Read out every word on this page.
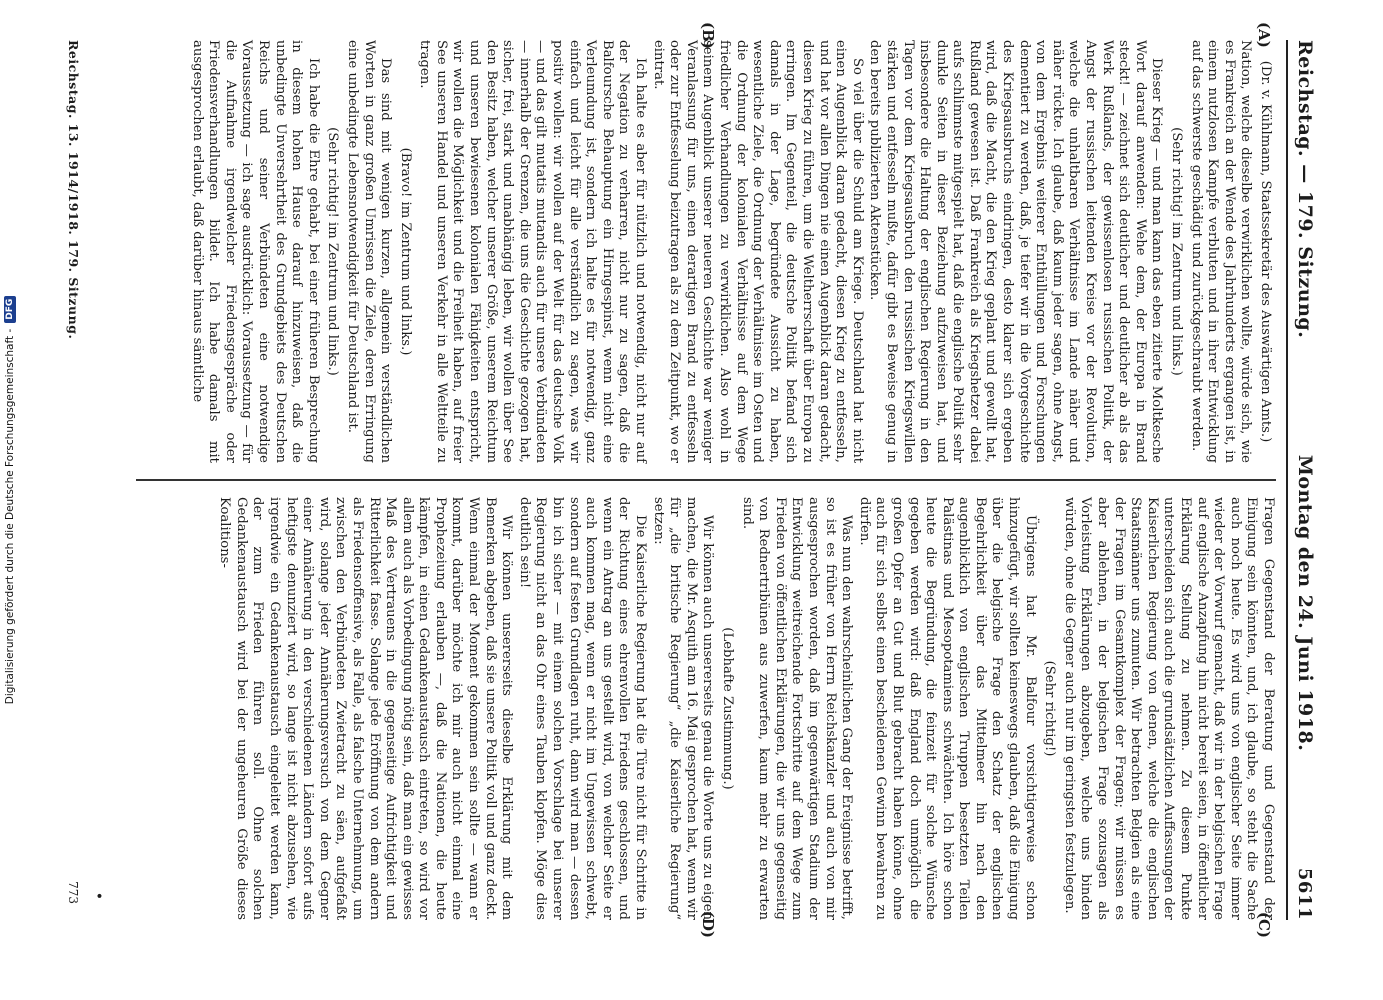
Reichstag. — 179. Sitzung.
Montag den 24. Juni 1918.
5611
(A)
(B)

(Dr. v. Kühlmann, Staatssekretär des Auswärtigen Amts.)

Nation, welche dieselbe verwirklichen wollte, würde sich, wie es Frankreich an der Wende des Jahrhunderts ergangen ist, in einem nutzlosen Kampfe verbluten und in ihrer Entwicklung auf das schwerste geschädigt und zurückgeschraubt werden.

(Sehr richtig! im Zentrum und links.)

Dieser Krieg — und man kann das eben zitierte Moltkesche Wort darauf anwenden: Wehe dem, der Europa in Brand steckt! — zeichnet sich deutlicher und deutlicher ab als das Werk Rußlands, der gewissenlosen russischen Politik, der Angst der russischen leitenden Kreise vor der Revolution, welche die unhaltbaren Verhältnisse im Lande näher und näher rückte. Ich glaube, daß kaum jeder sagen, ohne Angst, von dem Ergebnis weiterer Enthüllungen und Forschungen dementiert zu werden, daß, je tiefer wir in die Vorgeschichte des Kriegsausbruchs eindringen, desto klarer sich ergeben wird, daß die Macht, die den Krieg geplant und gewollt hat, Rußland gewesen ist. Daß Frankreich als Kriegshetzer dabei aufs schlimmste mitgespielt hat, daß die englische Politik sehr dunkle Seiten in dieser Beziehung aufzuweisen hat, und insbesondere die Haltung der englischen Regierung in den Tagen vor dem Kriegsausbruch den russischen Kriegswillen stärken und entfesseln mußte, dafür gibt es Beweise genug in den bereits publizierten Aktenstücken.

So viel über die Schuld am Kriege. Deutschland hat nicht einen Augenblick daran gedacht, diesen Krieg zu entfesseln, und hat vor allen Dingen nie einen Augenblick daran gedacht, diesen Krieg zu führen, um die Weltherrschaft über Europa zu erringen. Im Gegenteil, die deutsche Politik befand sich damals in der Lage, begründete Aussicht zu haben, wesentliche Ziele, die Ordnung der Verhältnisse im Osten und die Ordnung der kolonialen Verhältnisse auf dem Wege friedlicher Verhandlungen zu verwirklichen. Also wohl in seinem Augenblick unserer neueren Geschichte war weniger Veranlassung für uns, einen derartigen Brand zu entfesseln oder zur Entfesselung beizutragen als zu dem Zeitpunkt, wo er eintrat.

Ich halte es aber für nützlich und notwendig, nicht nur auf der Negation zu verharren, nicht nur zu sagen, daß die Balfoursche Behauptung ein Hirngespinst, wenn nicht eine Verleumdung ist, sondern ich halte es für notwendig, ganz einfach und leicht für alle verständlich zu sagen, was wir positiv wollen: wir wollen auf der Welt für das deutsche Volk — und das gilt mutatis mutandis auch für unsere Verbündeten — innerhalb der Grenzen, die uns die Geschichte gezogen hat, sicher, frei, stark und unabhängig leben, wir wollen über See den Besitz haben, welcher unserer Größe, unserem Reichtum und unseren bewiesenen kolonialen Fähigkeiten entspricht, wir wollen die Möglichkeit und die Freiheit haben, auf freier See unseren Handel und unseren Verkehr in alle Weltteile zu tragen.

(Bravo! im Zentrum und links.)

Das sind mit wenigen kurzen, allgemein verständlichen Worten in ganz großen Umrissen die Ziele, deren Erringung eine unbedingte Lebensnotwendigkeit für Deutschland ist.

(Sehr richtig! im Zentrum und links.)

Ich habe die Ehre gehabt, bei einer früheren Besprechung in diesem hohen Hause darauf hinzuweisen, daß die unbedingte Unversehrtheit des Grundgebiets des Deutschen Reichs und seiner Verbündeten eine notwendige Voraussetzung — ich sage ausdrücklich: Voraussetzung — für die Aufnahme irgendwelcher Friedensgespräche oder Friedensverhandlungen bildet. Ich habe damals mit ausgesprochen erlaubt, daß darüber hinaus sämtliche

(C)
(D)

Fragen Gegenstand der Beratung und Gegenstand der Einigung sein könnten, und, ich glaube, so steht die Sache auch noch heute. Es wird uns von englischer Seite immer wieder der Vorwurf gemacht, daß wir in der belgischen Frage auf englische Anzapfung hin nicht bereit seien, in öffentlicher Erklärung Stellung zu nehmen. Zu diesem Punkte unterscheiden sich auch die grundsätzlichen Auffassungen der Kaiserlichen Regierung von denen, welche die englischen Staatsmänner uns zumuten. Wir betrachten Belgien als eine der Fragen im Gesamtkomplex der Fragen; wir müssen es aber ablehnen, in der belgischen Frage sozusagen als Vorleistung Erklärungen abzugeben, welche uns binden würden, ohne die Gegner auch nur im geringsten festzulegen.

(Sehr richtig!)

Übrigens hat Mr. Balfour vorsichtigerweise schon hinzugefügt, wir sollten keineswegs glauben, daß die Einigung über die belgische Frage den Schatz der englischen Begehrlichkeit über das Mittelmeer hin nach den augenblicklich von englischen Truppen besetzten Teilen Palästinas und Mesopotamiens schwächten. Ich höre schon heute die Begründung, die feinzeit für solche Wünsche gegeben werden wird: daß England doch unmöglich die großen Opfer an Gut und Blut gebracht haben könne, ohne auch für sich selbst einen bescheidenen Gewinn bewahren zu dürfen.

Was nun den wahrscheinlichen Gang der Ereignisse betrifft, so ist es früher von Herrn Reichskanzler und auch von mir ausgesprochen worden, daß im gegenwärtigen Stadium der Entwicklung weitreichende Fortschritte auf dem Wege zum Frieden von öffentlichen Erklärungen, die wir uns gegenseitig von Rednertribünen aus zuwerfen, kaum mehr zu erwarten sind.

(Lebhafte Zustimmung.)

Wir können auch unsererseits genau die Worte uns zu eigen machen, die Mr. Asquith am 16. Mai gesprochen hat, wenn wir für „die britische Regierung“ „die Kaiserliche Regierung“ setzen:

Die Kaiserliche Regierung hat die Türe nicht für Schritte in der Richtung eines ehrenvollen Friedens geschlossen, und wenn ein Antrag an uns gestellt wird, von welcher Seite er auch kommen mag, wenn er nicht im Ungewissen schwebt, sondern auf festen Grundlagen ruht, dann wird man — dessen bin ich sicher — mit einem solchen Vorschlage bei unserer Regierung nicht an das Ohr eines Tauben klopfen. Möge dies deutlich sein!

Wir können unsererseits dieselbe Erklärung mit dem Bemerken abgeben, daß sie unsere Politik voll und ganz deckt. Wenn einmal der Moment gekommen sein sollte — wann er kommt, darüber möchte ich mir auch nicht einmal eine Prophezeiung erlauben —, daß die Nationen, die heute kämpfen, in einen Gedankenaustausch eintreten, so wird vor allem auch als Vorbedingung nötig sein, daß man ein gewisses Maß des Vertrauens in die gegenseitige Aufrichtigkeit und Ritterlichkeit fasse. Solange jede Eröffnung von dem andern als Friedensoffensive, als Falle, als falsche Unternehmung, um zwischen den Verbündeten Zwietracht zu säen, aufgefaßt wird, solange jeder Annäherungsversuch von dem Gegner einer Annäherung in den verschiedenen Ländern sofort aufs heftigste denunziert wird, so lange ist nicht abzusehen, wie irgendwie ein Gedankenaustausch eingeleitet werden kann, der zum Frieden führen soll. Ohne solchen Gedankenaustausch wird bei der ungeheuren Größe dieses Koalitions-

Reichstag. 13. 1914/1918. 179. Sitzung.
•
773
Digitalisierung gefördert durch die Deutsche Forschungsgemeinschaft -
DFG
